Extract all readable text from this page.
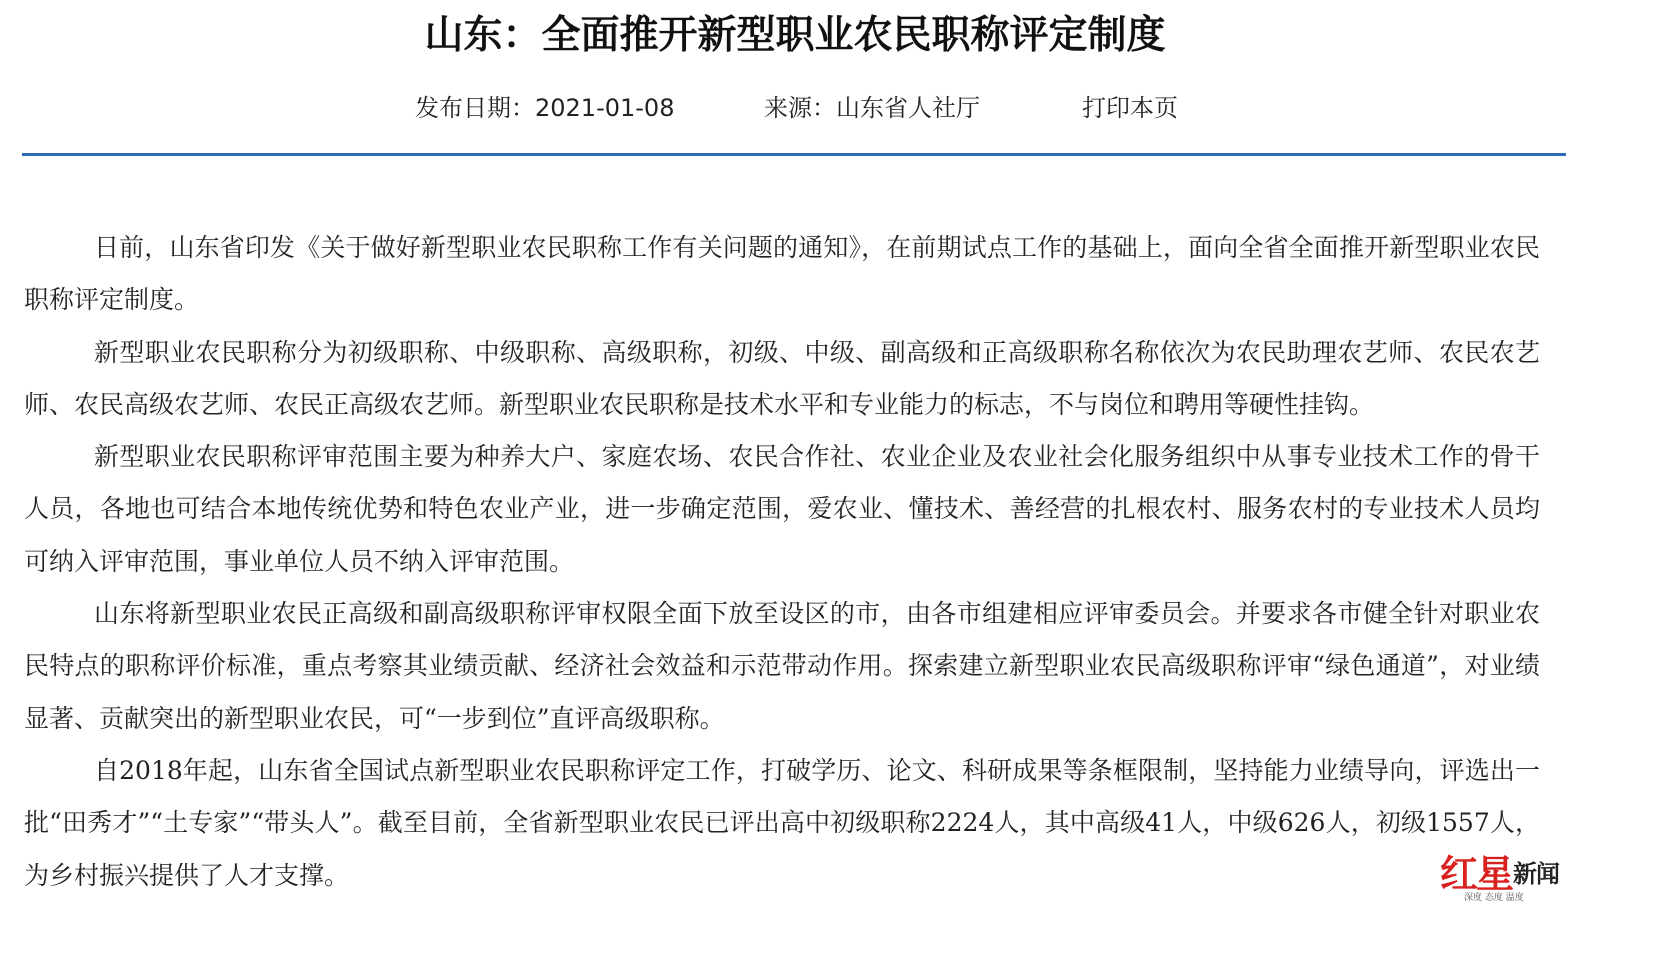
山东：全面推开新型职业农民职称评定制度
发布日期：2021-01-08	来源：山东省人社厅	打印本页

日前，山东省印发《关于做好新型职业农民职称工作有关问题的通知》，在前期试点工作的基础上，面向全省全面推开新型职业农民职称评定制度。

新型职业农民职称分为初级职称、中级职称、高级职称，初级、中级、副高级和正高级职称名称依次为农民助理农艺师、农民农艺师、农民高级农艺师、农民正高级农艺师。新型职业农民职称是技术水平和专业能力的标志，不与岗位和聘用等硬性挂钩。

新型职业农民职称评审范围主要为种养大户、家庭农场、农民合作社、农业企业及农业社会化服务组织中从事专业技术工作的骨干人员，各地也可结合本地传统优势和特色农业产业，进一步确定范围，爱农业、懂技术、善经营的扎根农村、服务农村的专业技术人员均可纳入评审范围，事业单位人员不纳入评审范围。

山东将新型职业农民正高级和副高级职称评审权限全面下放至设区的市，由各市组建相应评审委员会。并要求各市健全针对职业农民特点的职称评价标准，重点考察其业绩贡献、经济社会效益和示范带动作用。探索建立新型职业农民高级职称评审“绿色通道”，对业绩显著、贡献突出的新型职业农民，可“一步到位”直评高级职称。

自2018年起，山东省全国试点新型职业农民职称评定工作，打破学历、论文、科研成果等条框限制，坚持能力业绩导向，评选出一批“田秀才”“土专家”“带头人”。截至目前，全省新型职业农民已评出高中初级职称2224人，其中高级41人，中级626人，初级1557人，为乡村振兴提供了人才支撑。	红星 新闻
深度 态度 温度
